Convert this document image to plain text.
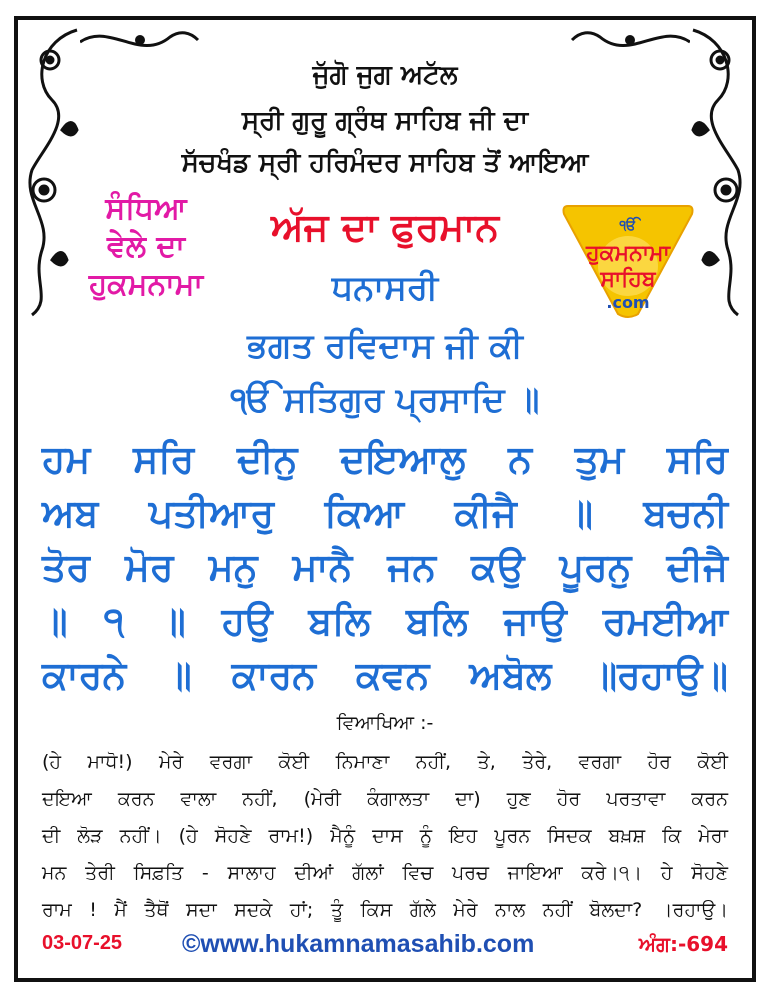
ਜੁੱਗੋ ਜੁਗ ਅਟੱਲ
ਸ੍ਰੀ ਗੁਰੂ ਗ੍ਰੰਥ ਸਾਹਿਬ ਜੀ ਦਾ
ਸੱਚਖੰਡ ਸ੍ਰੀ ਹਰਿਮੰਦਰ ਸਾਹਿਬ ਤੋਂ ਆਇਆ
ਸੰਧਿਆ
ਵੇਲੇ ਦਾ
ਹੁਕਮਨਾਮਾ
ਅੱਜ ਦਾ ਫੁਰਮਾਨ	ੴ
ਹੁਕਮਨਾਮਾ
ਸਾਹਿਬ
.com
ਧਨਾਸਰੀ
ਭਗਤ ਰਵਿਦਾਸ ਜੀ ਕੀ
ੴ ਸਤਿਗੁਰ ਪ੍ਰਸਾਦਿ ॥
ਹਮ ਸਰਿ ਦੀਨੁ ਦਇਆਲੁ ਨ ਤੁਮ ਸਰਿ
ਅਬ ਪਤੀਆਰੁ ਕਿਆ ਕੀਜੈ ॥ ਬਚਨੀ
ਤੋਰ ਮੋਰ ਮਨੁ ਮਾਨੈ ਜਨ ਕਉ ਪੂਰਨੁ ਦੀਜੈ
॥ ੧ ॥ ਹਉ ਬਲਿ ਬਲਿ ਜਾਉ ਰਮਈਆ
ਕਾਰਨੇ ॥ ਕਾਰਨ ਕਵਨ ਅਬੋਲ ॥ਰਹਾਉ॥
ਵਿਆਖਿਆ :-
(ਹੇ ਮਾਧੋ!) ਮੇਰੇ ਵਰਗਾ ਕੋਈ ਨਿਮਾਣਾ ਨਹੀਂ, ਤੇ, ਤੇਰੇ, ਵਰਗਾ ਹੋਰ ਕੋਈ
ਦਇਆ ਕਰਨ ਵਾਲਾ ਨਹੀਂ, (ਮੇਰੀ ਕੰਗਾਲਤਾ ਦਾ) ਹੁਣ ਹੋਰ ਪਰਤਾਵਾ ਕਰਨ
ਦੀ ਲੋੜ ਨਹੀਂ। (ਹੇ ਸੋਹਣੇ ਰਾਮ!) ਮੈਨੂੰ ਦਾਸ ਨੂੰ ਇਹ ਪੂਰਨ ਸਿਦਕ ਬਖ਼ਸ਼ ਕਿ ਮੇਰਾ
ਮਨ ਤੇਰੀ ਸਿਫ਼ਤਿ - ਸਾਲਾਹ ਦੀਆਂ ਗੱਲਾਂ ਵਿਚ ਪਰਚ ਜਾਇਆ ਕਰੇ।੧। ਹੇ ਸੋਹਣੇ
ਰਾਮ ! ਮੈਂ ਤੈਥੋਂ ਸਦਾ ਸਦਕੇ ਹਾਂ; ਤੂੰ ਕਿਸ ਗੱਲੇ ਮੇਰੇ ਨਾਲ ਨਹੀਂ ਬੋਲਦਾ? ।ਰਹਾਉ।
03-07-25 ©www.hukamnamasahib.com	ਅੰਗ:-694
